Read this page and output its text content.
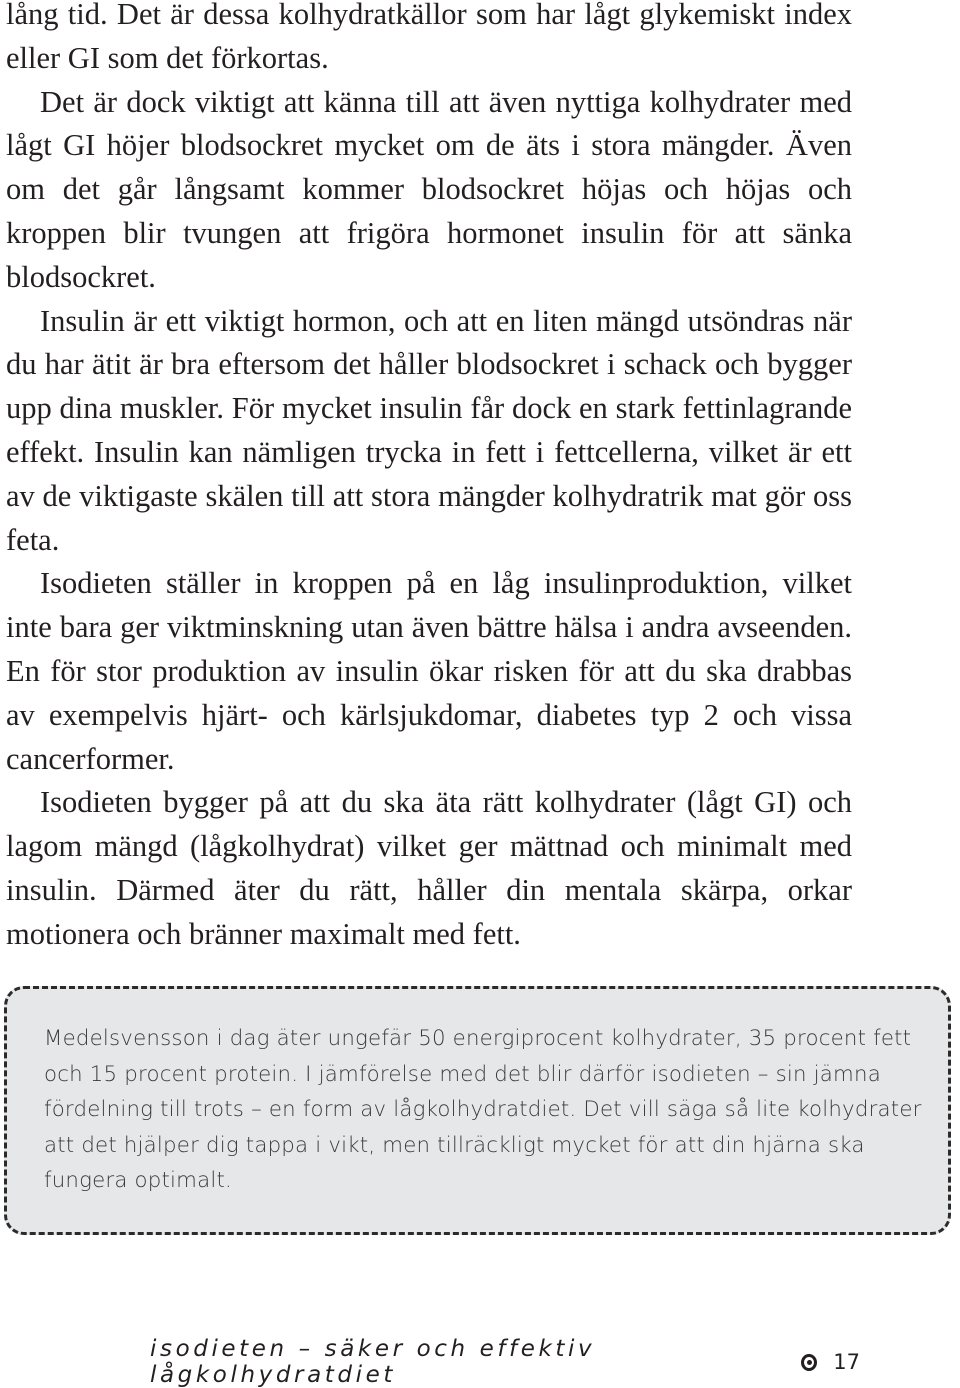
lång tid. Det är dessa kolhydratkällor som har lågt glykemiskt index eller GI som det förkortas.

Det är dock viktigt att känna till att även nyttiga kolhydrater med lågt GI höjer blodsockret mycket om de äts i stora mängder. Även om det går långsamt kommer blodsockret höjas och höjas och kroppen blir tvungen att frigöra hormonet insulin för att sänka blodsockret.

Insulin är ett viktigt hormon, och att en liten mängd utsöndras när du har ätit är bra eftersom det håller blodsockret i schack och bygger upp dina muskler. För mycket insulin får dock en stark fettinlagrande effekt. Insulin kan nämligen trycka in fett i fettcellerna, vilket är ett av de viktigaste skälen till att stora mängder kolhydratrik mat gör oss feta.

Isodieten ställer in kroppen på en låg insulinproduktion, vilket inte bara ger viktminskning utan även bättre hälsa i andra avseenden. En för stor produktion av insulin ökar risken för att du ska drabbas av exempelvis hjärt- och kärlsjukdomar, diabetes typ 2 och vissa cancerformer.

Isodieten bygger på att du ska äta rätt kolhydrater (lågt GI) och lagom mängd (lågkolhydrat) vilket ger mättnad och minimalt med insulin. Därmed äter du rätt, håller din mentala skärpa, orkar motionera och bränner maximalt med fett.

Medelsvensson i dag äter ungefär 50 energiprocent kolhydrater, 35 procent fett och 15 procent protein. I jämförelse med det blir därför isodieten – sin jämna fördelning till trots – en form av lågkolhydratdiet. Det vill säga så lite kolhydrater att det hjälper dig tappa i vikt, men tillräckligt mycket för att din hjärna ska fungera optimalt.

isodieten – säker och effektiv lågkolhydratdiet	17
